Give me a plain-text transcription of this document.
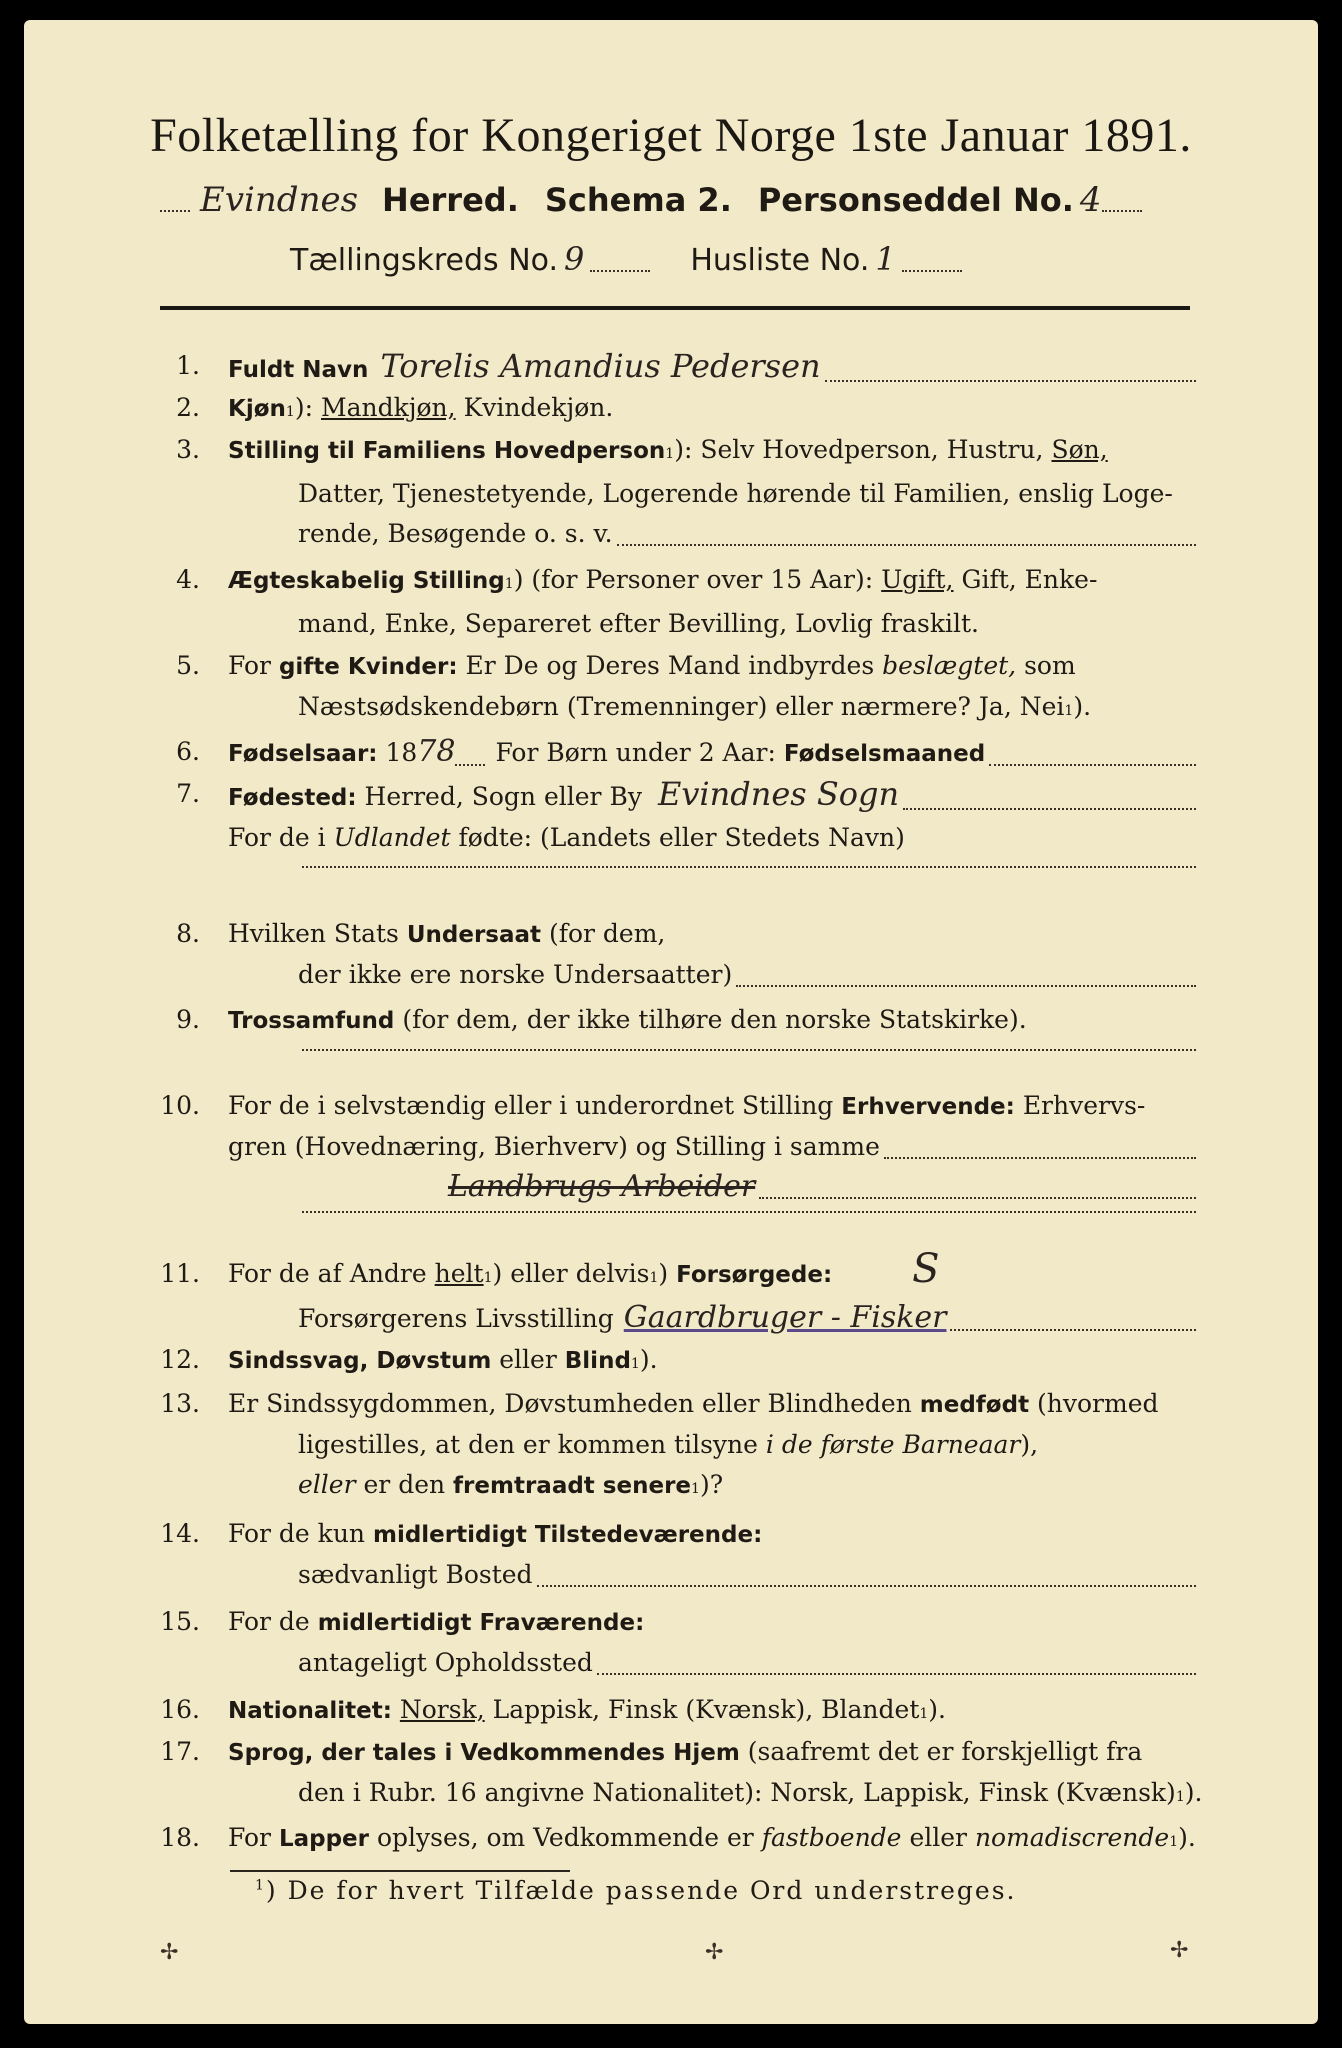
Folketælling for Kongeriget Norge 1ste Januar 1891.
Evindnes Herred. Schema 2. Personseddel No. 4
Tællingskreds No. 9	Husliste No. 1
1. Fuldt Navn Torelis Amandius Pedersen
2. Kjøn 1 ): Mandkjøn, Kvindekjøn.
3. Stilling til Familiens Hovedperson 1 ): Selv Hovedperson, Hustru, Søn,
Datter, Tjenestetyende, Logerende hørende til Familien, enslig Loge-
rende, Besøgende o. s. v.
4. Ægteskabelig Stilling 1 ) (for Personer over 15 Aar): Ugift, Gift, Enke-
mand, Enke, Separeret efter Bevilling, Lovlig fraskilt.
5. For
gifte Kvinder:
Er De og Deres Mand indbyrdes
beslægtet,
som
Næstsødskendebørn (Tremenninger) eller nærmere? Ja, Nei 1 ).
6. Fødselsaar:
18 78 For Børn under 2 Aar:
Fødselsmaaned
7. Fødested:
Herred, Sogn eller By Evindnes Sogn
For de i
Udlandet
fødte: (Landets eller Stedets Navn)
8. Hvilken Stats
Undersaat
(for dem,
der ikke ere norske Undersaatter)
9. Trossamfund
(for dem, der ikke tilhøre den norske Statskirke).
10. For de i selvstændig eller i underordnet Stilling
Erhvervende:
Erhvervs-
gren (Hovednæring, Bierhverv) og Stilling i samme
Landbrugs Arbeider
11. For de af Andre
helt 1 ) eller delvis 1 ) Forsørgede: S
Forsørgerens Livsstilling Gaardbruger - Fisker
12. Sindssvag, Døvstum
eller
Blind 1 ).
13. Er Sindssygdommen, Døvstumheden eller Blindheden
medfødt
(hvormed
ligestilles, at den er kommen tilsyne
i de første Barneaar ),
eller
er den
fremtraadt senere 1 )?
14. For de kun
midlertidigt Tilstedeværende:
sædvanligt Bosted
15. For de
midlertidigt Fraværende:
antageligt Opholdssted
16. Nationalitet:
Norsk,
Lappisk, Finsk (Kvænsk), Blandet 1 ).
17. Sprog, der tales i Vedkommendes Hjem
(saafremt det er forskjelligt fra
den i Rubr. 16 angivne Nationalitet): Norsk, Lappisk, Finsk (Kvænsk) 1 ).
18. For
Lapper
oplyses, om Vedkommende er
fastboende
eller
nomadiscrende 1 ).
$^1$) De for hvert Tilfælde passende Ord understreges.
✢	✢	✢
